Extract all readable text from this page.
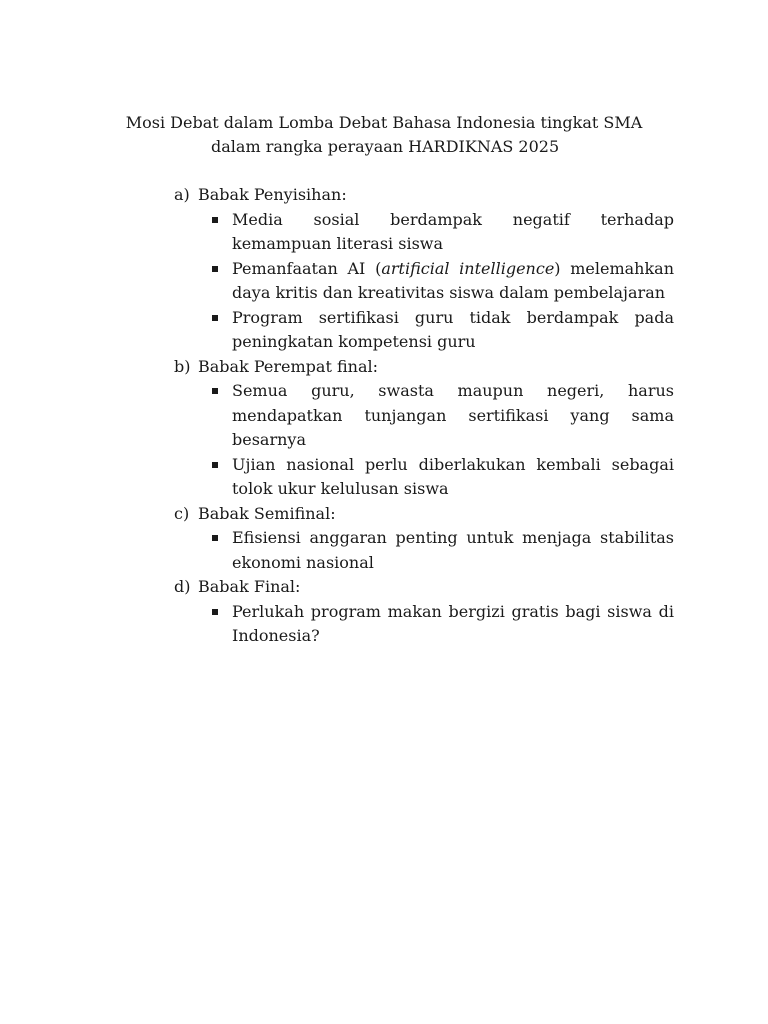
Mosi Debat dalam Lomba Debat Bahasa Indonesia tingkat SMA
dalam rangka perayaan HARDIKNAS 2025
a) Babak Penyisihan:
Media sosial berdampak negatif terhadap kemampuan literasi siswa
Pemanfaatan AI (artificial intelligence) melemahkan daya kritis dan kreativitas siswa dalam pembelajaran
Program sertifikasi guru tidak berdampak pada peningkatan kompetensi guru
b) Babak Perempat final:
Semua guru, swasta maupun negeri, harus mendapatkan tunjangan sertifikasi yang sama besarnya
Ujian nasional perlu diberlakukan kembali sebagai tolok ukur kelulusan siswa
c) Babak Semifinal:
Efisiensi anggaran penting untuk menjaga stabilitas ekonomi nasional
d) Babak Final:
Perlukah program makan bergizi gratis bagi siswa di Indonesia?
